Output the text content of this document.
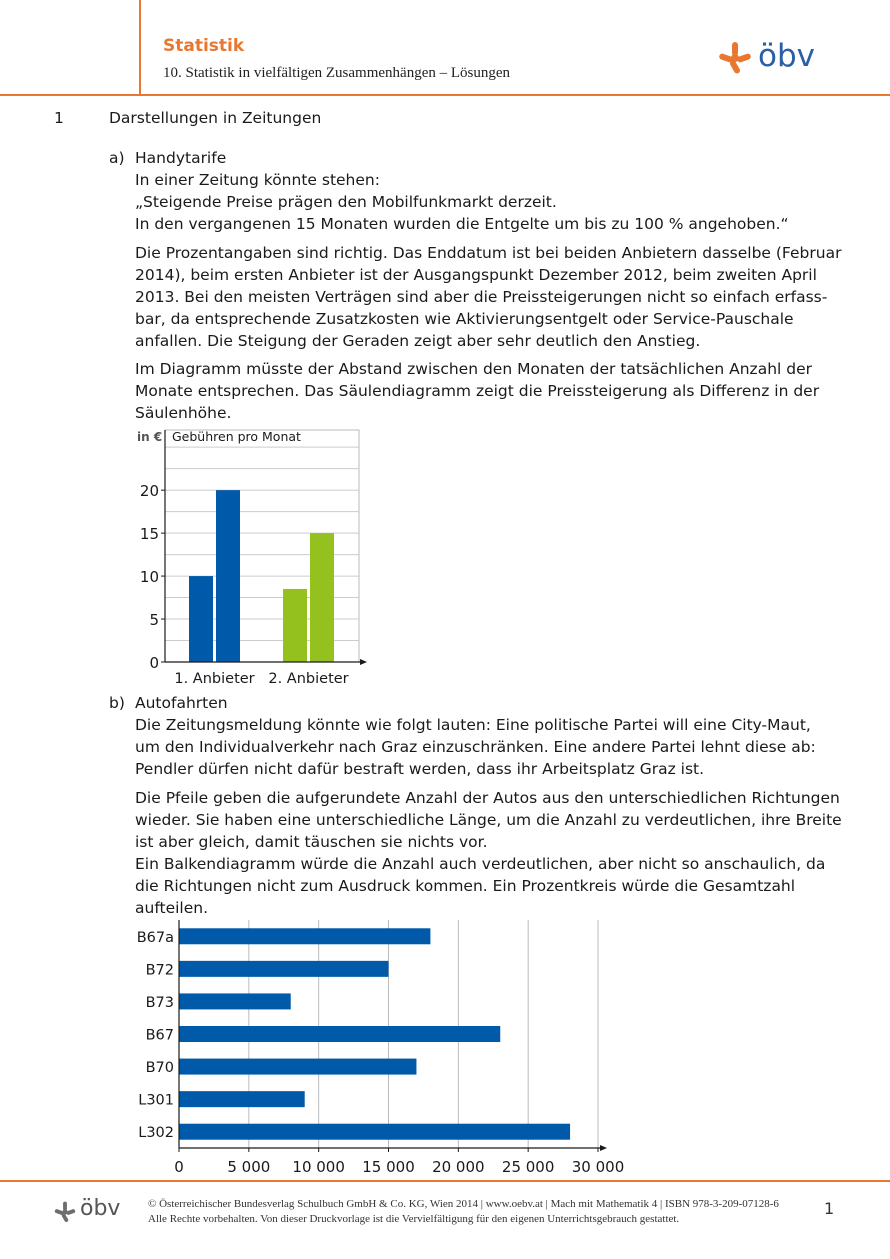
Statistik
10. Statistik in vielfältigen Zusammenhängen – Lösungen	öbv
1	Darstellungen in Zeitungen
a) Handytarife
In einer Zeitung könnte stehen:
„Steigende Preise prägen den Mobilfunkmarkt derzeit.
In den vergangenen 15 Monaten wurden die Entgelte um bis zu 100 % angehoben.“
Die Prozentangaben sind richtig. Das Enddatum ist bei beiden Anbietern dasselbe (Februar
2014), beim ersten Anbieter ist der Ausgangspunkt Dezember 2012, beim zweiten April
2013. Bei den meisten Verträgen sind aber die Preissteigerungen nicht so einfach erfass-
bar, da entsprechende Zusatzkosten wie Aktivierungsentgelt oder Service-Pauschale
anfallen. Die Steigung der Geraden zeigt aber sehr deutlich den Anstieg.
Im Diagramm müsste der Abstand zwischen den Monaten der tatsächlichen Anzahl der
Monate entsprechen. Das Säulendiagramm zeigt die Preissteigerung als Differenz in der
Säulenhöhe.
0
5
10
15
20
in € Gebühren pro Monat
1. Anbieter 2. Anbieter
b) Autofahrten
Die Zeitungsmeldung könnte wie folgt lauten: Eine politische Partei will eine City-Maut,
um den Individualverkehr nach Graz einzuschränken. Eine andere Partei lehnt diese ab:
Pendler dürfen nicht dafür bestraft werden, dass ihr Arbeitsplatz Graz ist.
Die Pfeile geben die aufgerundete Anzahl der Autos aus den unterschiedlichen Richtungen
wieder. Sie haben eine unterschiedliche Länge, um die Anzahl zu verdeutlichen, ihre Breite
ist aber gleich, damit täuschen sie nichts vor.
Ein Balkendiagramm würde die Anzahl auch verdeutlichen, aber nicht so anschaulich, da
die Richtungen nicht zum Ausdruck kommen. Ein Prozentkreis würde die Gesamtzahl
aufteilen.
0	5 000 10 000 15 000 20 000 25 000 30 000
B67a
B72
B73
B67
B70
L301
L302
öbv	© Österreichischer Bundesverlag Schulbuch GmbH & Co. KG, Wien 2014 | www.oebv.at | Mach mit Mathematik 4 | ISBN 978-3-209-07128-6
Alle Rechte vorbehalten. Von dieser Druckvorlage ist die Vervielfältigung für den eigenen Unterrichtsgebrauch gestattet.
1
